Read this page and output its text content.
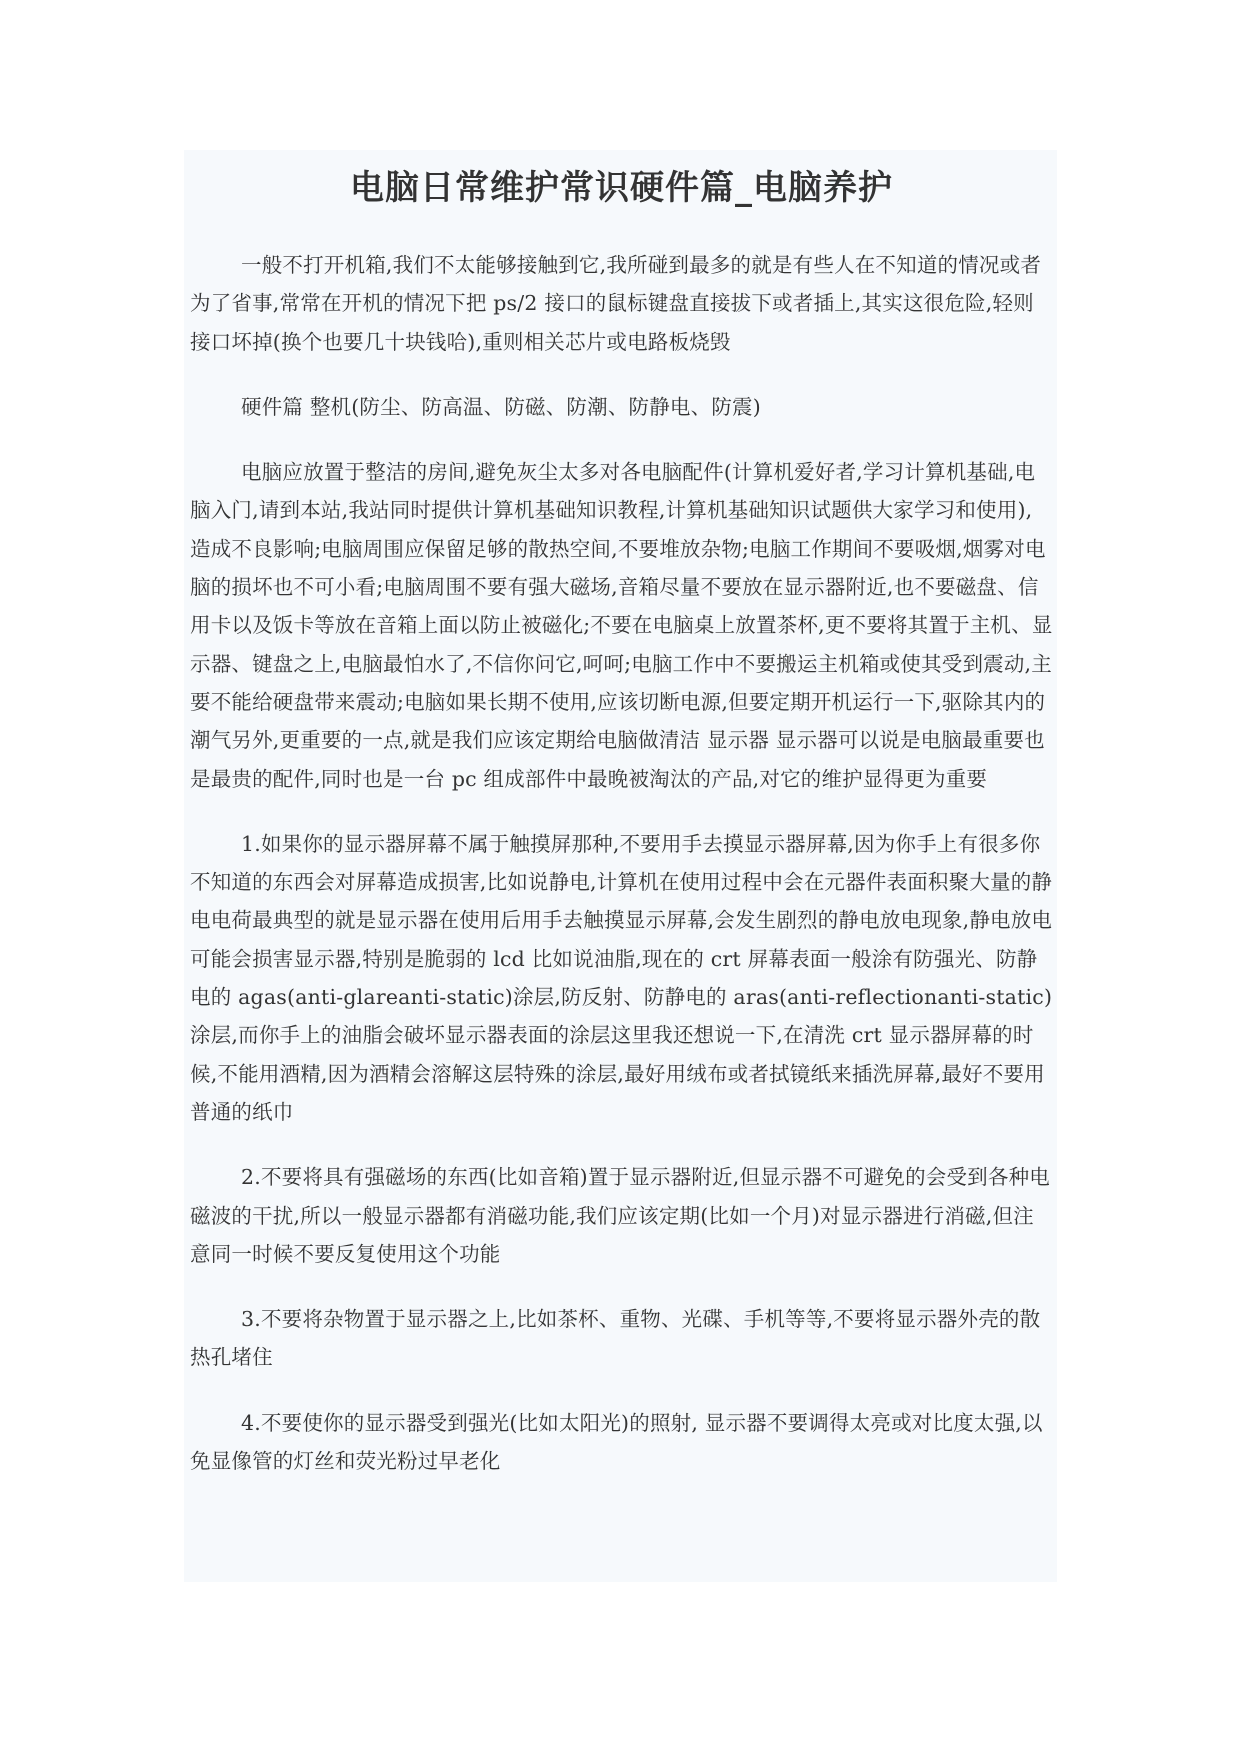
电脑日常维护常识硬件篇_电脑养护

一般不打开机箱,我们不太能够接触到它,我所碰到最多的就是有些人在不知道的情况或者为了省事,常常在开机的情况下把 ps/2 接口的鼠标键盘直接拔下或者插上,其实这很危险,轻则接口坏掉(换个也要几十块钱哈),重则相关芯片或电路板烧毁

硬件篇 整机(防尘、防高温、防磁、防潮、防静电、防震)

电脑应放置于整洁的房间,避免灰尘太多对各电脑配件(计算机爱好者,学习计算机基础,电脑入门,请到本站,我站同时提供计算机基础知识教程,计算机基础知识试题供大家学习和使用),造成不良影响;电脑周围应保留足够的散热空间,不要堆放杂物;电脑工作期间不要吸烟,烟雾对电脑的损坏也不可小看;电脑周围不要有强大磁场,音箱尽量不要放在显示器附近,也不要磁盘、信用卡以及饭卡等放在音箱上面以防止被磁化;不要在电脑桌上放置茶杯,更不要将其置于主机、显示器、键盘之上,电脑最怕水了,不信你问它,呵呵;电脑工作中不要搬运主机箱或使其受到震动,主要不能给硬盘带来震动;电脑如果长期不使用,应该切断电源,但要定期开机运行一下,驱除其内的潮气另外,更重要的一点,就是我们应该定期给电脑做清洁 显示器 显示器可以说是电脑最重要也是最贵的配件,同时也是一台 pc 组成部件中最晚被淘汰的产品,对它的维护显得更为重要

1.如果你的显示器屏幕不属于触摸屏那种,不要用手去摸显示器屏幕,因为你手上有很多你不知道的东西会对屏幕造成损害,比如说静电,计算机在使用过程中会在元器件表面积聚大量的静电电荷最典型的就是显示器在使用后用手去触摸显示屏幕,会发生剧烈的静电放电现象,静电放电可能会损害显示器,特别是脆弱的 lcd 比如说油脂,现在的 crt 屏幕表面一般涂有防强光、防静电的 agas(anti-glareanti-static)涂层,防反射、防静电的 aras(anti-reflectionanti-static)涂层,而你手上的油脂会破坏显示器表面的涂层这里我还想说一下,在清洗 crt 显示器屏幕的时候,不能用酒精,因为酒精会溶解这层特殊的涂层,最好用绒布或者拭镜纸来插洗屏幕,最好不要用普通的纸巾

2.不要将具有强磁场的东西(比如音箱)置于显示器附近,但显示器不可避免的会受到各种电磁波的干扰,所以一般显示器都有消磁功能,我们应该定期(比如一个月)对显示器进行消磁,但注意同一时候不要反复使用这个功能

3.不要将杂物置于显示器之上,比如茶杯、重物、光碟、手机等等,不要将显示器外壳的散热孔堵住

4.不要使你的显示器受到强光(比如太阳光)的照射, 显示器不要调得太亮或对比度太强,以免显像管的灯丝和荧光粉过早老化
